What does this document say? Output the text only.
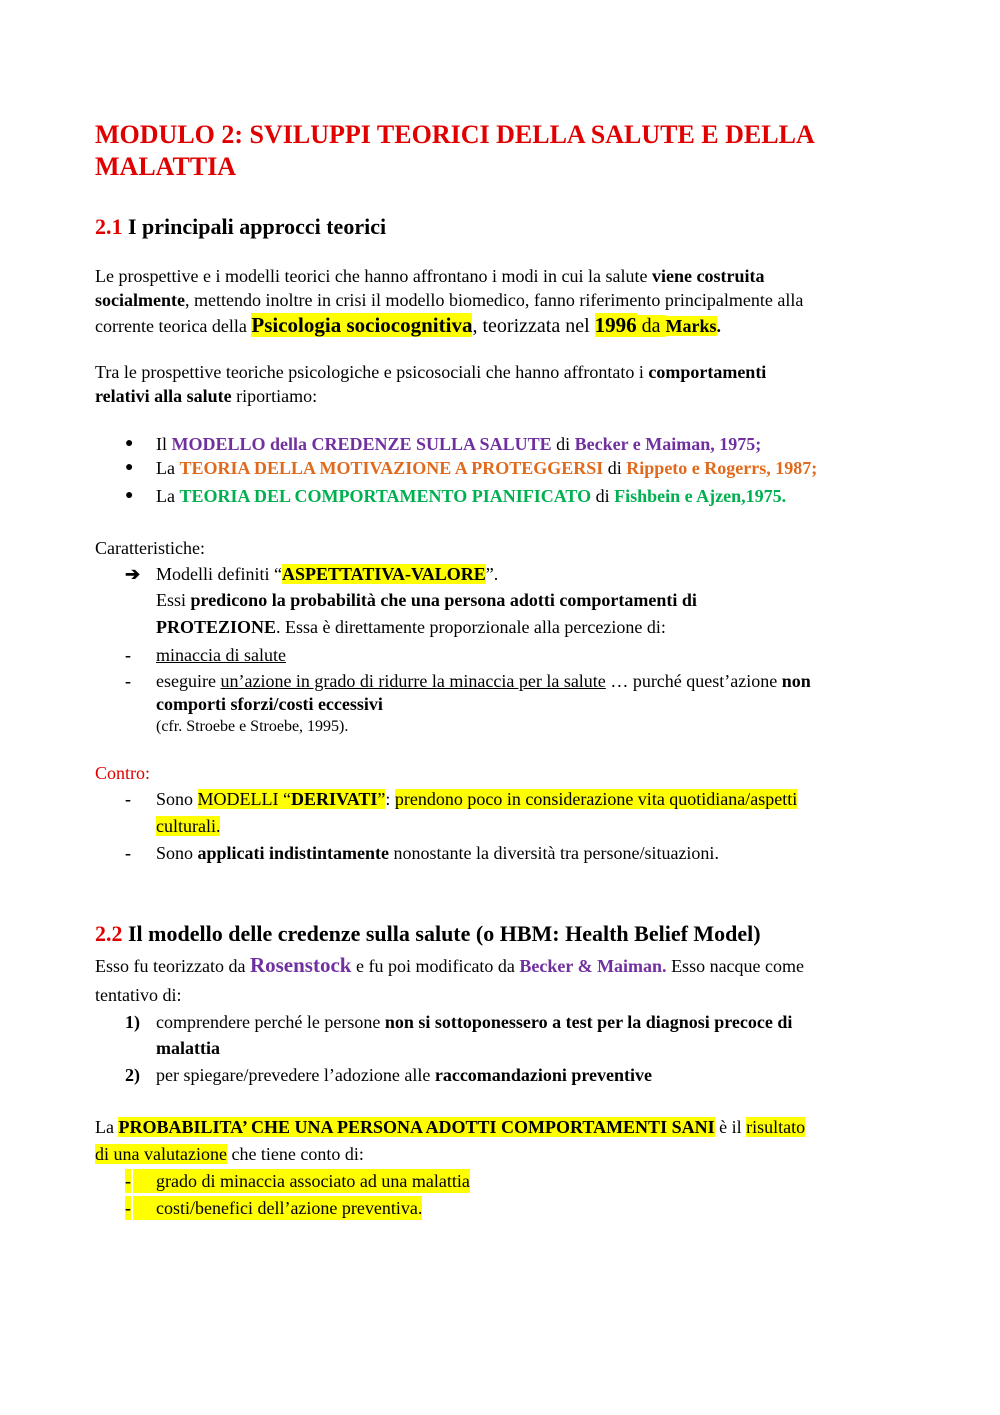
MODULO 2: SVILUPPI TEORICI DELLA SALUTE E DELLA
MALATTIA
2.1 I principali approcci teorici
Le prospettive e i modelli teorici che hanno affrontano i modi in cui la salute viene costruita
socialmente, mettendo inoltre in crisi il modello biomedico, fanno riferimento principalmente alla
corrente teorica della Psicologia sociocognitiva, teorizzata nel 1996 da Marks.
Tra le prospettive teoriche psicologiche e psicosociali che hanno affrontato i comportamenti
relativi alla salute riportiamo:
● Il MODELLO della CREDENZE SULLA SALUTE di Becker e Maiman, 1975;
● La TEORIA DELLA MOTIVAZIONE A PROTEGGERSI di Rippeto e Rogerrs, 1987;
● La TEORIA DEL COMPORTAMENTO PIANIFICATO di Fishbein e Ajzen,1975.
Caratteristiche:
➔ Modelli definiti “ASPETTATIVA-VALORE”.
Essi predicono la probabilità che una persona adotti comportamenti di
PROTEZIONE. Essa è direttamente proporzionale alla percezione di:
- minaccia di salute
- eseguire un’azione in grado di ridurre la minaccia per la salute … purché quest’azione non
comporti sforzi/costi eccessivi
(cfr. Stroebe e Stroebe, 1995).
Contro:
- Sono MODELLI “DERIVATI”: prendono poco in considerazione vita quotidiana/aspetti
culturali.
- Sono applicati indistintamente nonostante la diversità tra persone/situazioni.
2.2 Il modello delle credenze sulla salute (o HBM: Health Belief Model)
Esso fu teorizzato da Rosenstock e fu poi modificato da Becker & Maiman. Esso nacque come
tentativo di:
1) comprendere perché le persone non si sottoponessero a test per la diagnosi precoce di
malattia
2) per spiegare/prevedere l’adozione alle raccomandazioni preventive
La PROBABILITA’ CHE UNA PERSONA ADOTTI COMPORTAMENTI SANI è il risultato
di una valutazione che tiene conto di:
- grado di minaccia associato ad una malattia
- costi/benefici dell’azione preventiva.
